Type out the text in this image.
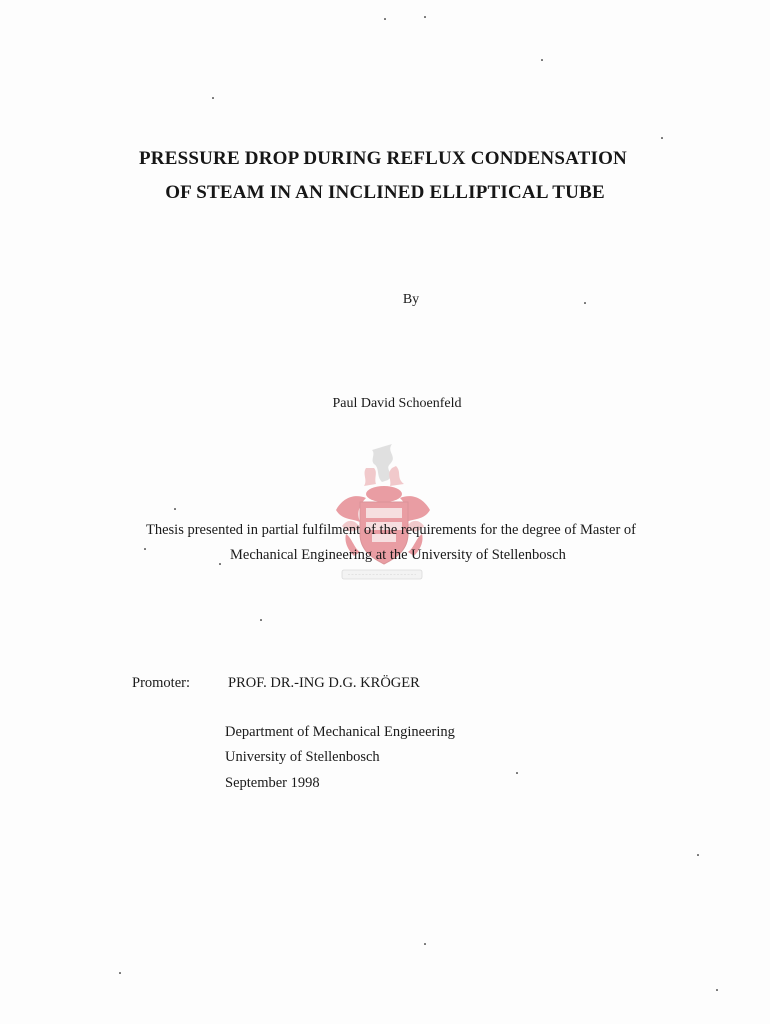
PRESSURE DROP DURING REFLUX CONDENSATION
OF STEAM IN AN INCLINED ELLIPTICAL TUBE
By
Paul David Schoenfeld
Thesis presented in partial fulfilment of the requirements for the degree of Master of
Mechanical Engineering at the University of Stellenbosch
Promoter:	PROF. DR.-ING D.G. KRÖGER
Department of Mechanical Engineering
University of Stellenbosch
September 1998
